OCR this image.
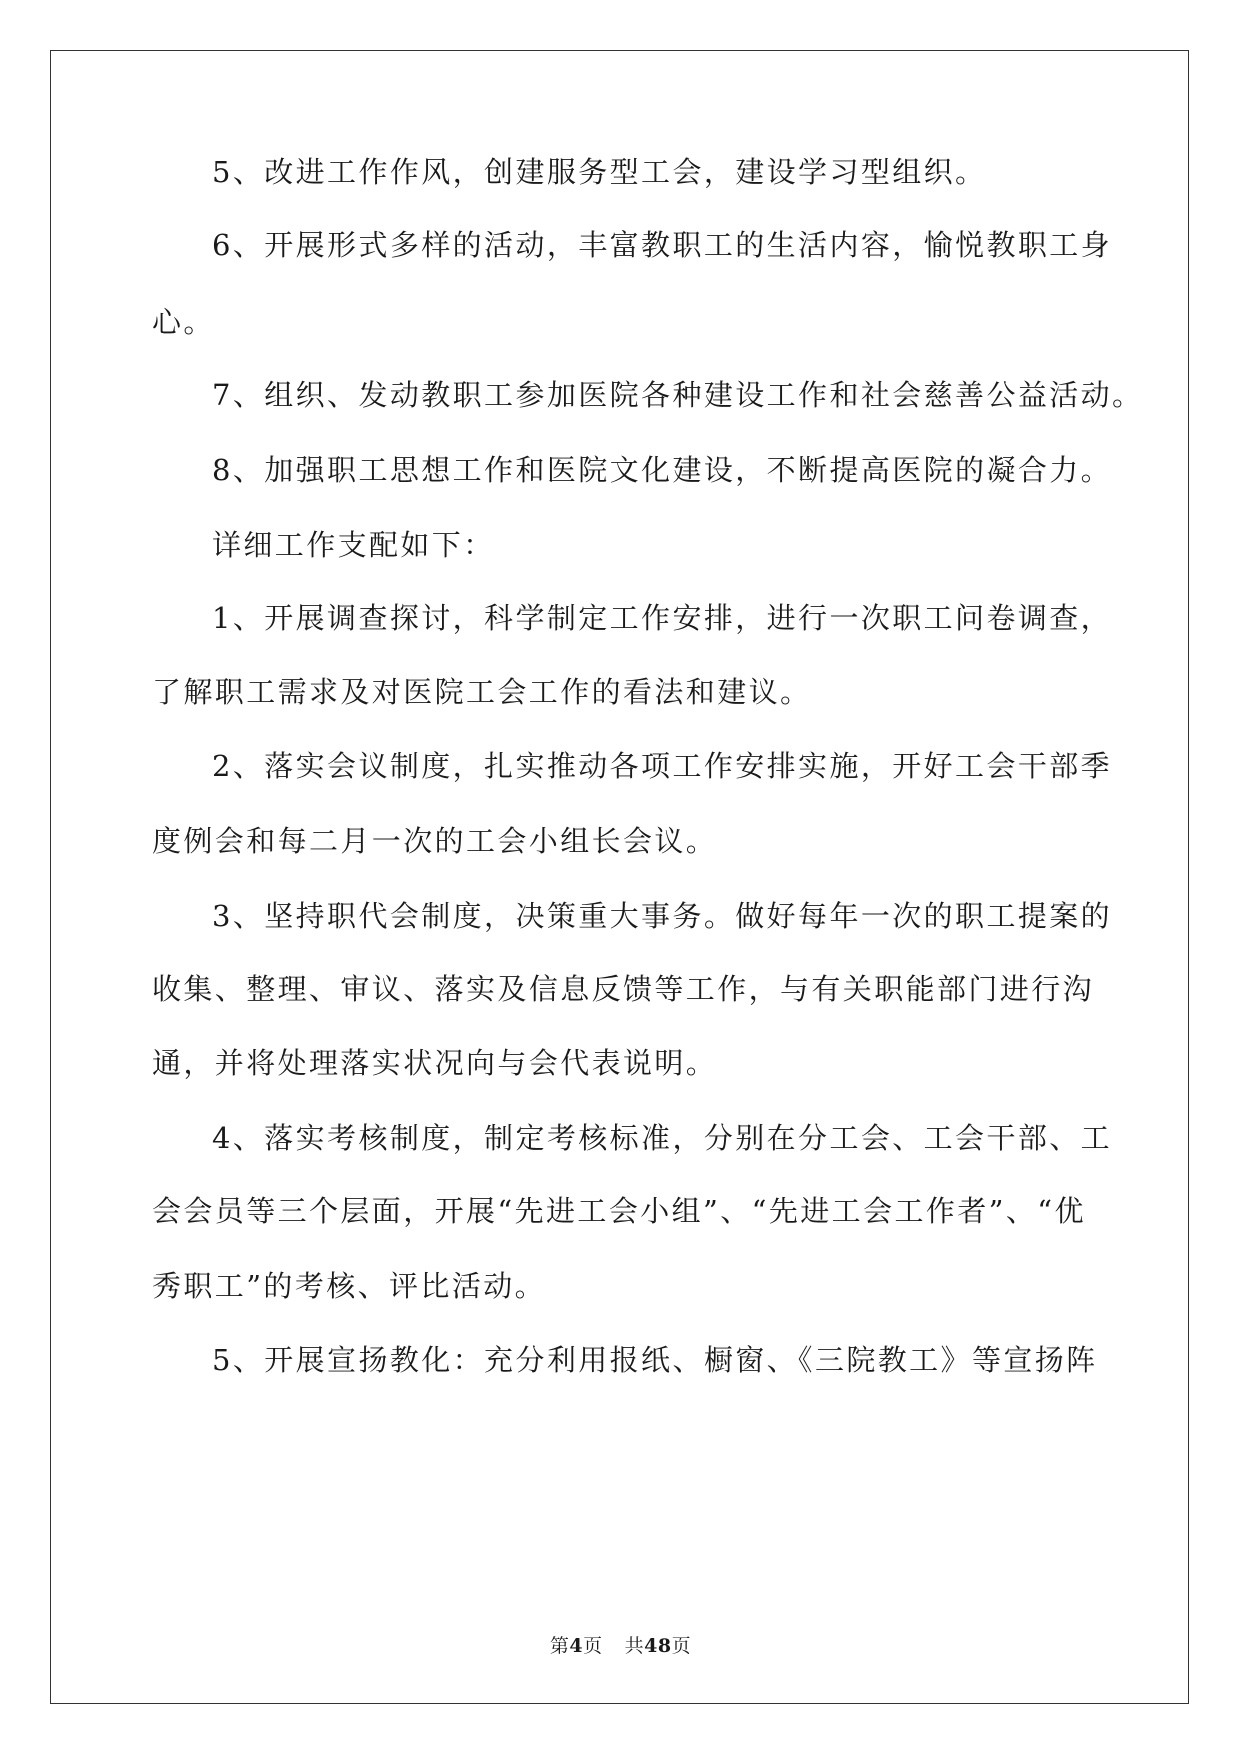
5、改进工作作风，创建服务型工会，建设学习型组织。
6、开展形式多样的活动，丰富教职工的生活内容，愉悦教职工身
心。
7、组织、发动教职工参加医院各种建设工作和社会慈善公益活动。
8、加强职工思想工作和医院文化建设，不断提高医院的凝合力。
详细工作支配如下：
1、开展调查探讨，科学制定工作安排，进行一次职工问卷调查，
了解职工需求及对医院工会工作的看法和建议。
2、落实会议制度，扎实推动各项工作安排实施，开好工会干部季
度例会和每二月一次的工会小组长会议。
3、坚持职代会制度，决策重大事务。做好每年一次的职工提案的
收集、整理、审议、落实及信息反馈等工作，与有关职能部门进行沟
通，并将处理落实状况向与会代表说明。
4、落实考核制度，制定考核标准，分别在分工会、工会干部、工
会会员等三个层面，开展“先进工会小组”、“先进工会工作者”、“优
秀职工”的考核、评比活动。
5、开展宣扬教化：充分利用报纸、橱窗、《三院教工》等宣扬阵
第4页 共48页
